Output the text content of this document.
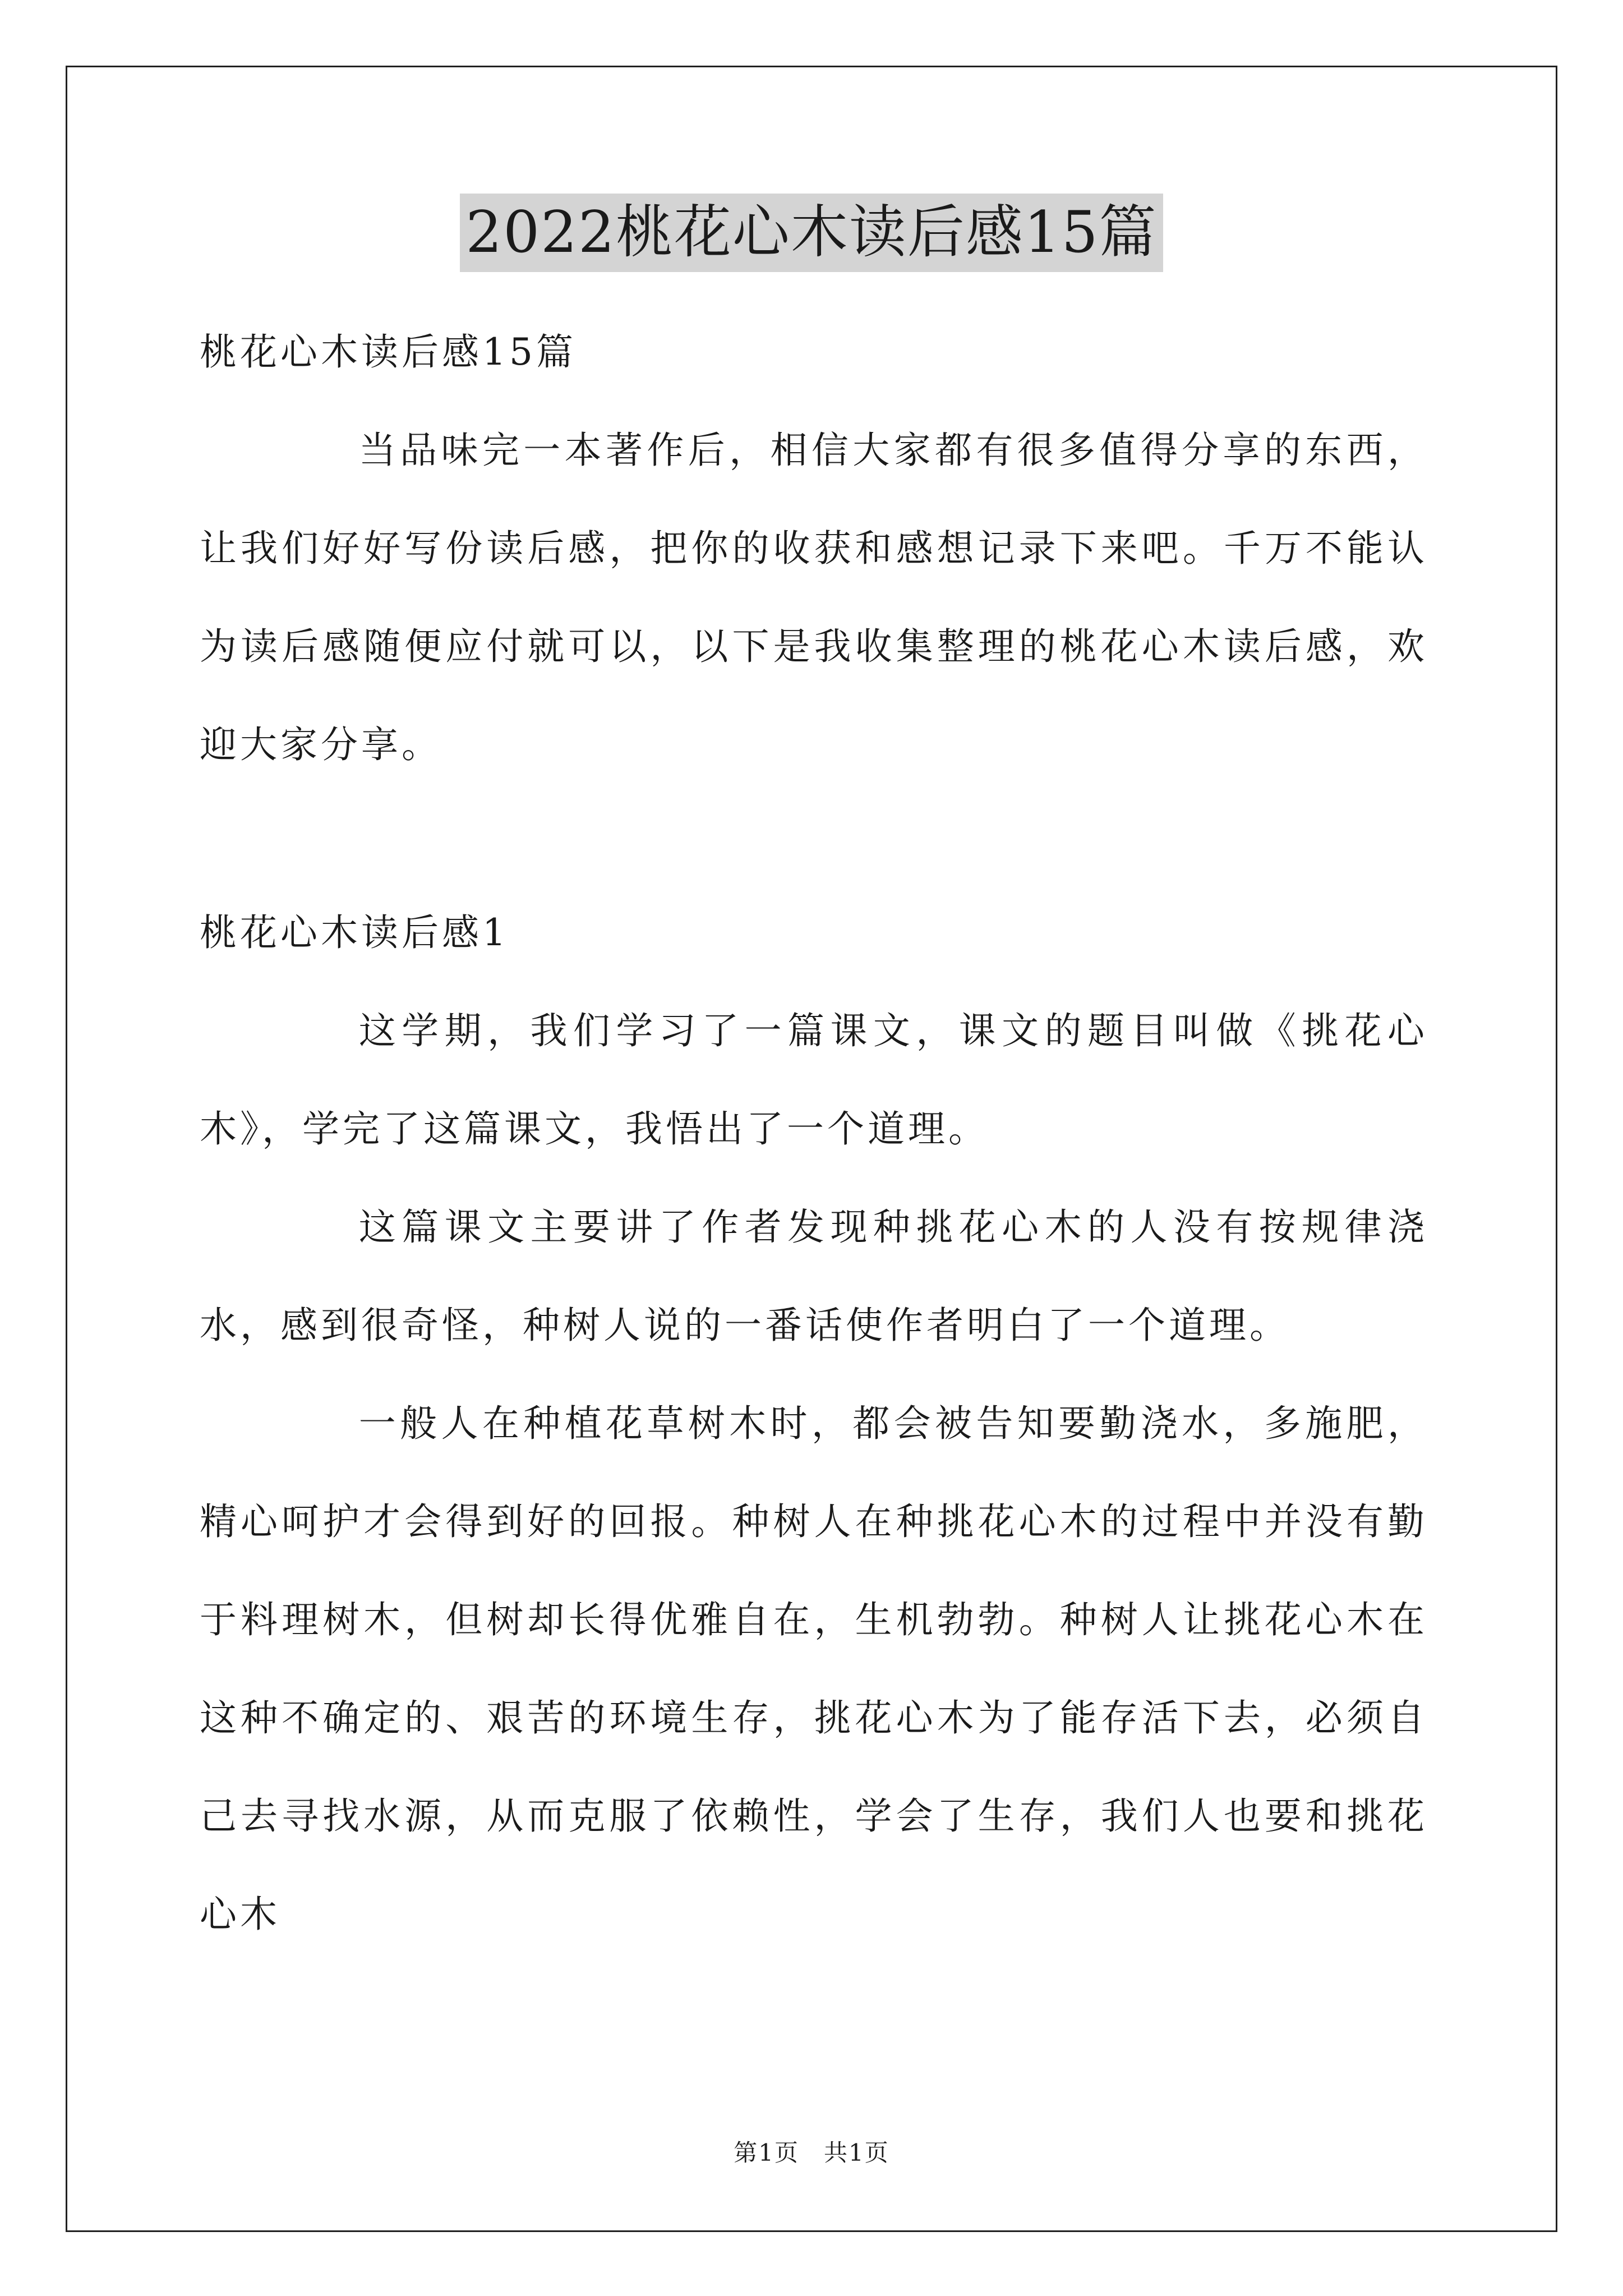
2022桃花心木读后感15篇

桃花心木读后感15篇

当品味完一本著作后，相信大家都有很多值得分享的东西，让我们好好写份读后感，把你的收获和感想记录下来吧。千万不能认为读后感随便应付就可以，以下是我收集整理的桃花心木读后感，欢迎大家分享。

桃花心木读后感1

这学期，我们学习了一篇课文，课文的题目叫做《挑花心木》，学完了这篇课文，我悟出了一个道理。

这篇课文主要讲了作者发现种挑花心木的人没有按规律浇水，感到很奇怪，种树人说的一番话使作者明白了一个道理。

一般人在种植花草树木时，都会被告知要勤浇水，多施肥，精心呵护才会得到好的回报。种树人在种挑花心木的过程中并没有勤于料理树木，但树却长得优雅自在，生机勃勃。种树人让挑花心木在这种不确定的、艰苦的环境生存，挑花心木为了能存活下去，必须自己去寻找水源，从而克服了依赖性，学会了生存，我们人也要和挑花心木

第1页 共1页
